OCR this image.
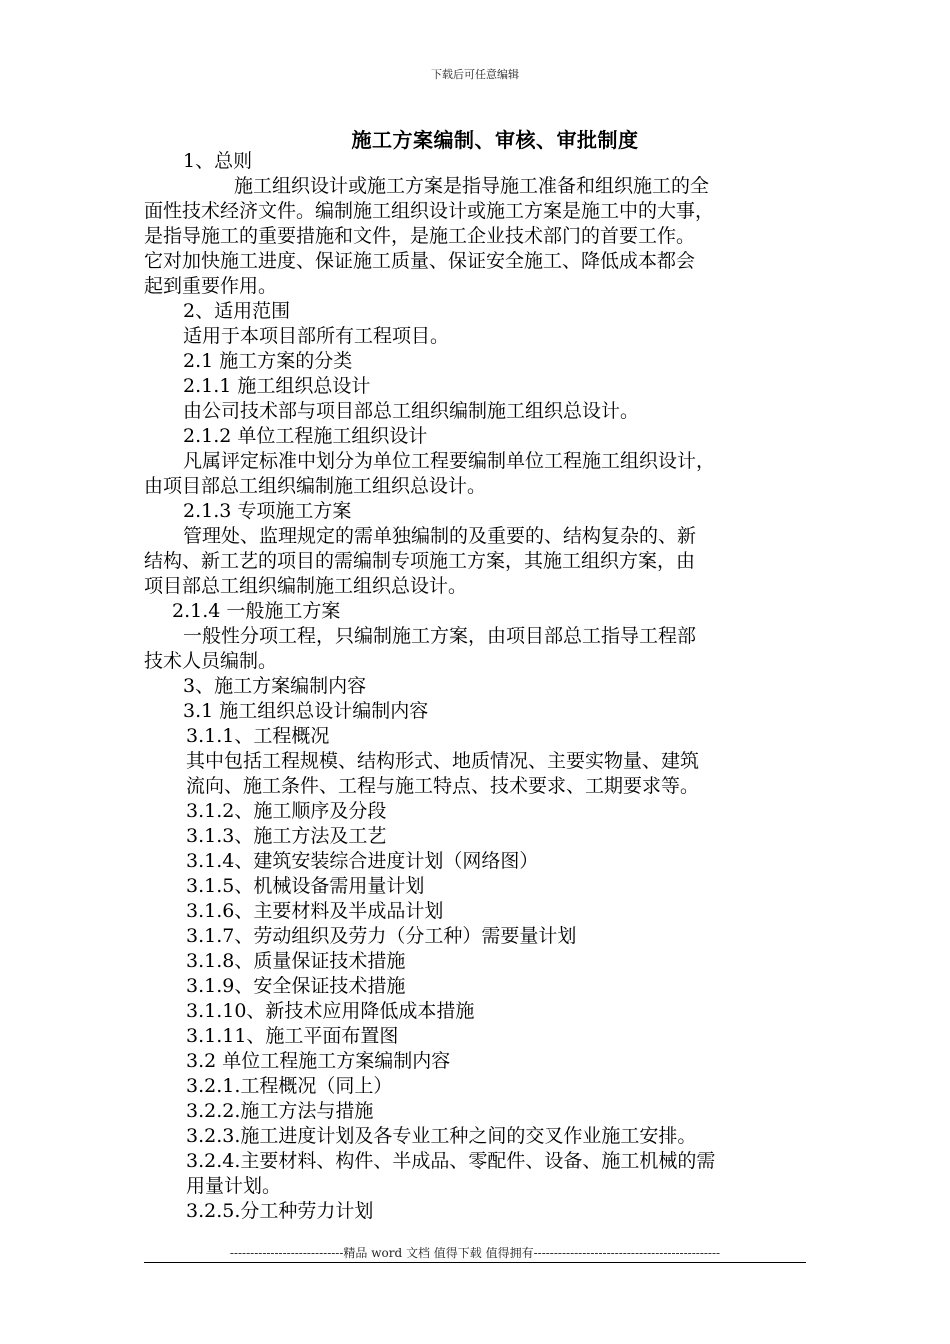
下载后可任意编辑
施工方案编制、审核、审批制度
1、总则
施工组织设计或施工方案是指导施工准备和组织施工的全
面性技术经济文件。编制施工组织设计或施工方案是施工中的大事，
是指导施工的重要措施和文件，是施工企业技术部门的首要工作。
它对加快施工进度、保证施工质量、保证安全施工、降低成本都会
起到重要作用。
2、适用范围
适用于本项目部所有工程项目。
2.1 施工方案的分类
2.1.1 施工组织总设计
由公司技术部与项目部总工组织编制施工组织总设计。
2.1.2 单位工程施工组织设计
凡属评定标准中划分为单位工程要编制单位工程施工组织设计，
由项目部总工组织编制施工组织总设计。
2.1.3 专项施工方案
管理处、监理规定的需单独编制的及重要的、结构复杂的、新
结构、新工艺的项目的需编制专项施工方案，其施工组织方案，由
项目部总工组织编制施工组织总设计。
2.1.4 一般施工方案
一般性分项工程，只编制施工方案，由项目部总工指导工程部
技术人员编制。
3、施工方案编制内容
3.1 施工组织总设计编制内容
3.1.1、工程概况
其中包括工程规模、结构形式、地质情况、主要实物量、建筑
流向、施工条件、工程与施工特点、技术要求、工期要求等。
3.1.2、施工顺序及分段
3.1.3、施工方法及工艺
3.1.4、建筑安装综合进度计划（网络图）
3.1.5、机械设备需用量计划
3.1.6、主要材料及半成品计划
3.1.7、劳动组织及劳力（分工种）需要量计划
3.1.8、质量保证技术措施
3.1.9、安全保证技术措施
3.1.10、新技术应用降低成本措施
3.1.11、施工平面布置图
3.2 单位工程施工方案编制内容
3.2.1.工程概况（同上）
3.2.2.施工方法与措施
3.2.3.施工进度计划及各专业工种之间的交叉作业施工安排。
3.2.4.主要材料、构件、半成品、零配件、设备、施工机械的需
用量计划。
3.2.5.分工种劳力计划
----------------------------精品 word 文档 值得下载 值得拥有----------------------------------------------
